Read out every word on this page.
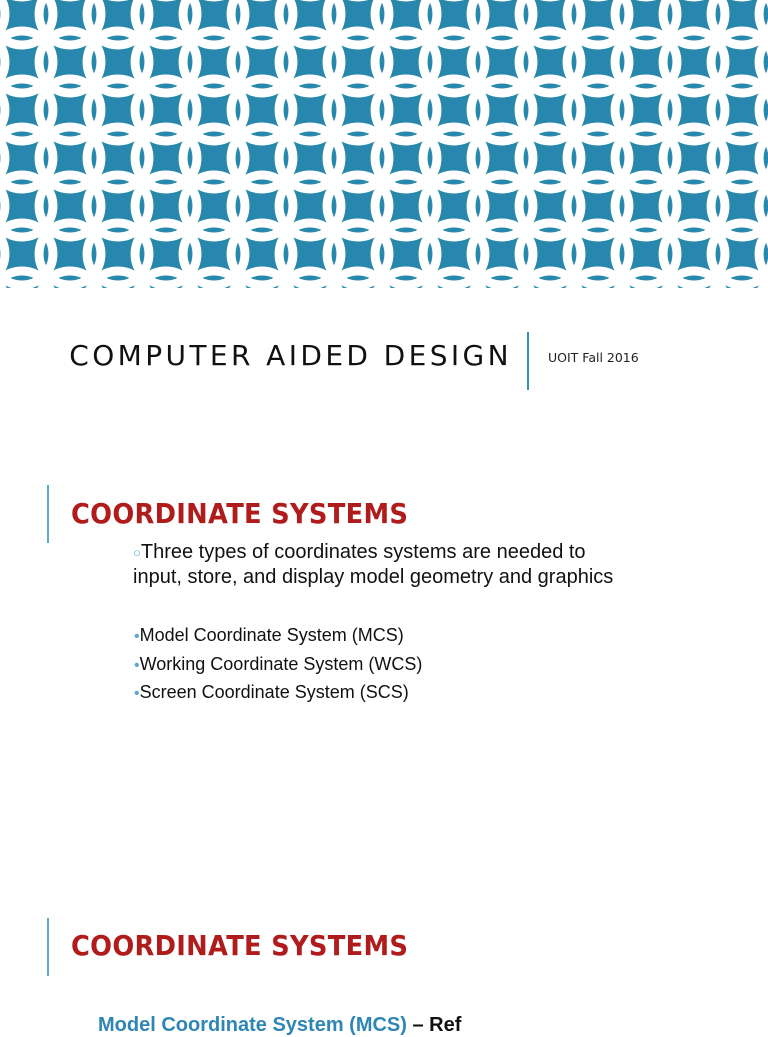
COMPUTER AIDED DESIGN	UOIT Fall 2016
COORDINATE SYSTEMS
○Three types of coordinates systems are needed to
input, store, and display model geometry and graphics
•Model Coordinate System (MCS)
•Working Coordinate System (WCS)
•Screen Coordinate System (SCS)
COORDINATE SYSTEMS
Model Coordinate System (MCS) – Ref
